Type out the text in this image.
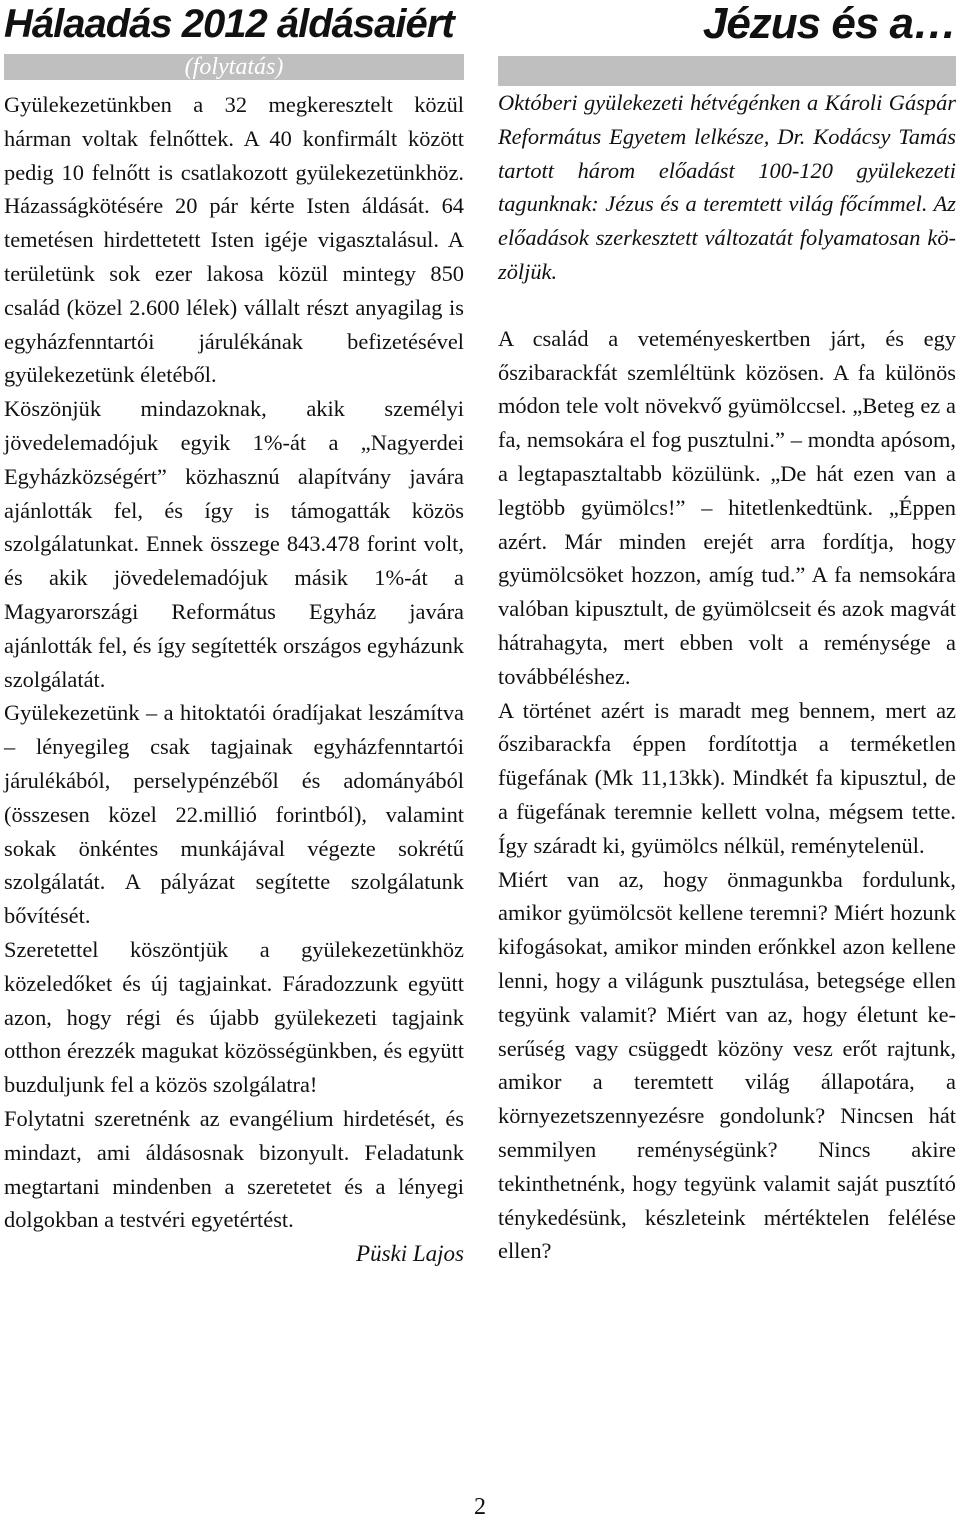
Hálaadás 2012 áldásaiért
(folytatás)

Gyülekezetünkben a 32 megkeresztelt közül hárman voltak felnőttek. A 40 konfirmált között pedig 10 felnőtt is csatlakozott gyülekezetünkhöz. Házasságkötésére 20 pár kérte Isten áldását. 64 temetésen hirdettetett Isten igéje vigasztalásul. A területünk sok ezer lakosa közül mintegy 850 család (közel 2.600 lélek) vállalt részt anyagilag is egyházfenntartói járulékának befizetésével gyülekezetünk életéből.

Köszönjük mindazoknak, akik személyi jövedelemadójuk egyik 1%-át a „Nagyerdei Egyházközségért” közhasznú alapítvány javára ajánlották fel, és így is támogatták közös szolgálatunkat. Ennek összege 843.478 forint volt, és akik jövedelemadójuk másik 1%-át a Magyarországi Református Egyház javára ajánlották fel, és így segítették országos egyházunk szolgálatát.

Gyülekezetünk – a hitoktatói óradíjakat leszámítva – lényegileg csak tagjainak egyházfenntartói járulékából, perselypénzéből és adományából (összesen közel 22.millió forintból), valamint sokak önkéntes munkájával végezte sokrétű szolgálatát. A pályázat segítette szolgálatunk bővítését.

Szeretettel köszöntjük a gyülekezetünkhöz közeledőket és új tagjainkat. Fáradozzunk együtt azon, hogy régi és újabb gyülekezeti tagjaink otthon érezzék magukat közösségünkben, és együtt buzduljunk fel a közös szolgálatra!

Folytatni szeretnénk az evangélium hirdetését, és mindazt, ami áldásosnak bizonyult. Feladatunk megtartani mindenben a szeretetet és a lényegi dolgokban a testvéri egyetértést.

Püski Lajos

Jézus és a…

Októberi gyülekezeti hétvégénken a Károli Gáspár Református Egyetem lelkésze, Dr. Kodácsy Tamás tartott három előadást 100-120 gyülekezeti tagunknak: Jézus és a teremtett világ főcímmel. Az előadások szerkesztett változatát folyamatosan közöljük.

A család a veteményeskertben járt, és egy őszibarackfát szemléltünk közösen. A fa különös módon tele volt növekvő gyümölccsel. „Beteg ez a fa, nemsokára el fog pusztulni.” – mondta apósom, a legtapasztaltabb közülünk. „De hát ezen van a legtöbb gyümölcs!” – hitetlenkedtünk. „Éppen azért. Már minden erejét arra fordítja, hogy gyümölcsöket hozzon, amíg tud.” A fa nemsokára valóban kipusztult, de gyümölcseit és azok magvát hátrahagyta, mert ebben volt a reménysége a továbbéléshez.

A történet azért is maradt meg bennem, mert az őszibarackfa éppen fordítottja a terméketlen fügefának (Mk 11,13kk). Mindkét fa kipusztul, de a fügefának teremnie kellett volna, mégsem tette. Így száradt ki, gyümölcs nélkül, reménytelenül.

Miért van az, hogy önmagunkba fordulunk, amikor gyümölcsöt kellene teremni? Miért hozunk kifogásokat, amikor minden erőnkkel azon kellene lenni, hogy a világunk pusztulása, betegsége ellen tegyünk valamit? Miért van az, hogy életunt keserűség vagy csüggedt közöny vesz erőt rajtunk, amikor a teremtett világ állapotára, a környezetszennyezésre gondolunk? Nincsen hát semmilyen reménységünk? Nincs akire tekinthetnénk, hogy tegyünk valamit saját pusztító ténykedésünk, készleteink mértéktelen felélése ellen?

2
